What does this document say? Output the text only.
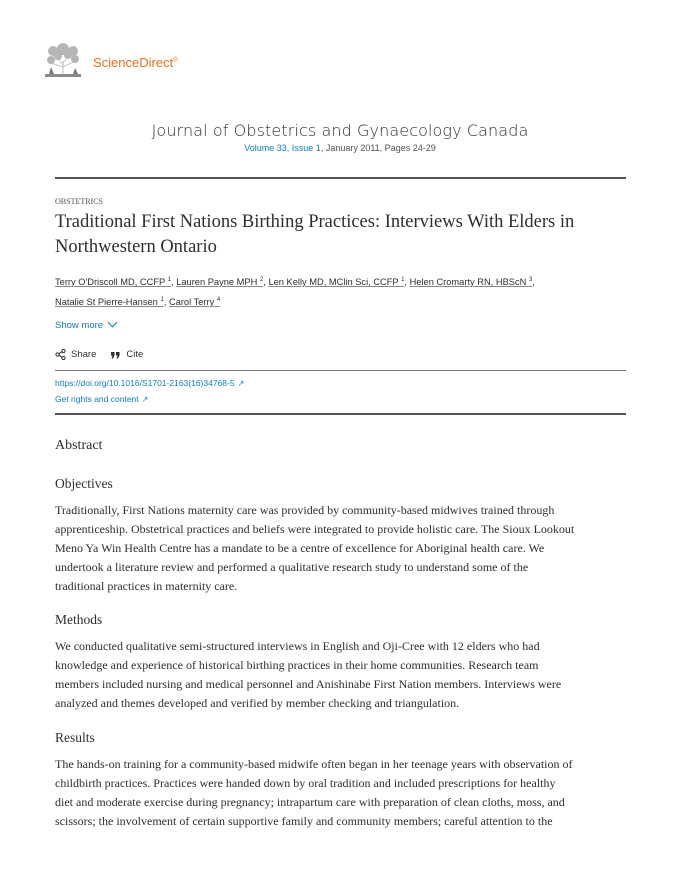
ScienceDirect®
Journal of Obstetrics and Gynaecology Canada
Volume 33, Issue 1, January 2011, Pages 24-29
OBSTETRICS
Traditional First Nations Birthing Practices: Interviews With Elders in Northwestern Ontario
Terry O'Driscoll MD, CCFP $^1$, Lauren Payne MPH $^2$, Len Kelly MD, MClin Sci, CCFP $^1$, Helen Cromarty RN, HBScN $^3$,
Natalie St Pierre-Hansen $^1$, Carol Terry $^4$
Show more
Share	Cite
https://doi.org/10.1016/S1701-2163(16)34768-5 ↗
Get rights and content ↗
Abstract
Objectives
Traditionally, First Nations maternity care was provided by community-based midwives trained through
apprenticeship. Obstetrical practices and beliefs were integrated to provide holistic care. The Sioux Lookout
Meno Ya Win Health Centre has a mandate to be a centre of excellence for Aboriginal health care. We
undertook a literature review and performed a qualitative research study to understand some of the
traditional practices in maternity care.
Methods
We conducted qualitative semi-structured interviews in English and Oji-Cree with 12 elders who had
knowledge and experience of historical birthing practices in their home communities. Research team
members included nursing and medical personnel and Anishinabe First Nation members. Interviews were
analyzed and themes developed and verified by member checking and triangulation.
Results
The hands-on training for a community-based midwife often began in her teenage years with observation of
childbirth practices. Practices were handed down by oral tradition and included prescriptions for healthy
diet and moderate exercise during pregnancy; intrapartum care with preparation of clean cloths, moss, and
scissors; the involvement of certain supportive family and community members; careful attention to the
